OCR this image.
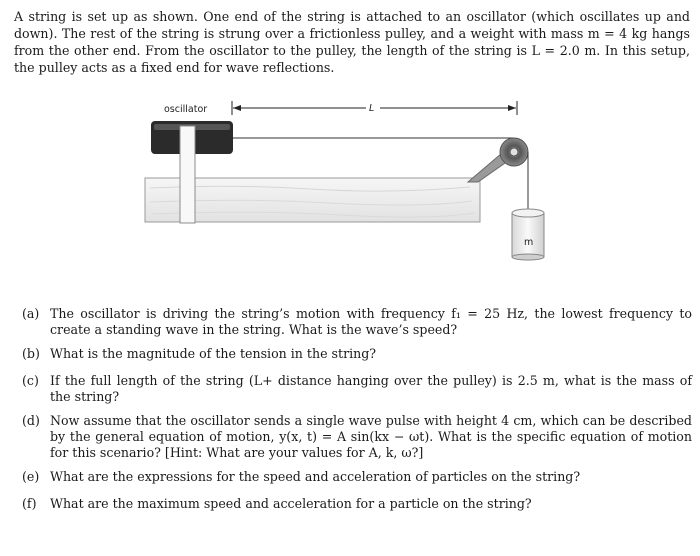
A string is set up as shown. One end of the string is attached to an oscillator (which oscillates up and down). The rest of the string is strung over a frictionless pulley, and a weight with mass m = 4 kg hangs from the other end. From the oscillator to the pulley, the length of the string is L = 2.0 m. In this setup, the pulley acts as a fixed end for wave reflections.

oscillator	L
m
(a) The oscillator is driving the string’s motion with frequency f₁ = 25 Hz, the lowest frequency to create a standing wave in the string. What is the wave’s speed?
(b) What is the magnitude of the tension in the string?
(c) If the full length of the string (L+ distance hanging over the pulley) is 2.5 m, what is the mass of the string?
(d) Now assume that the oscillator sends a single wave pulse with height 4 cm, which can be described by the general equation of motion, y(x, t) = A sin(kx − ωt). What is the specific equation of motion for this scenario? [Hint: What are your values for A, k, ω?]
(e) What are the expressions for the speed and acceleration of particles on the string?
(f)	What are the maximum speed and acceleration for a particle on the string?
